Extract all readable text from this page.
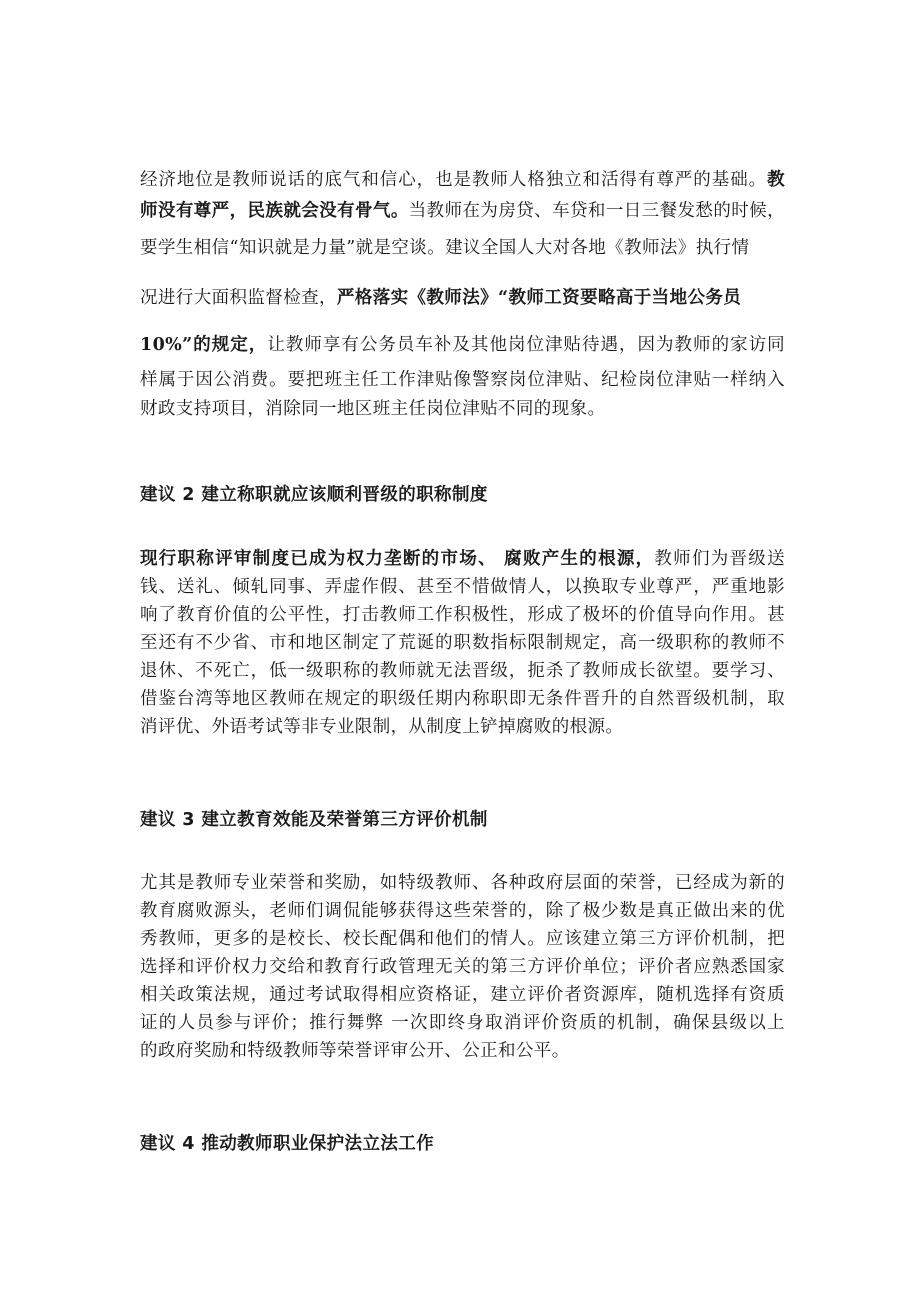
经济地位是教师说话的底气和信心，也是教师人格独立和活得有尊严的基础。教
师没有尊严，民族就会没有骨气。当教师在为房贷、车贷和一日三餐发愁的时候，
要学生相信“知识就是力量”就是空谈。建议全国人大对各地《教师法》执行情
况进行大面积监督检查，严格落实《教师法》“教师工资要略高于当地公务员
10%”的规定，让教师享有公务员车补及其他岗位津贴待遇，因为教师的家访同
样属于因公消费。要把班主任工作津贴像警察岗位津贴、纪检岗位津贴一样纳入
财政支持项目，消除同一地区班主任岗位津贴不同的现象。
建议 2 建立称职就应该顺利晋级的职称制度
现行职称评审制度已成为权力垄断的市场、 腐败产生的根源，教师们为晋级送
钱、送礼、倾轧同事、弄虚作假、甚至不惜做情人，以换取专业尊严，严重地影
响了教育价值的公平性，打击教师工作积极性，形成了极坏的价值导向作用。甚
至还有不少省、市和地区制定了荒诞的职数指标限制规定，高一级职称的教师不
退休、不死亡，低一级职称的教师就无法晋级，扼杀了教师成长欲望。要学习、
借鉴台湾等地区教师在规定的职级任期内称职即无条件晋升的自然晋级机制，取
消评优、外语考试等非专业限制，从制度上铲掉腐败的根源。
建议 3 建立教育效能及荣誉第三方评价机制
尤其是教师专业荣誉和奖励，如特级教师、各种政府层面的荣誉，已经成为新的
教育腐败源头，老师们调侃能够获得这些荣誉的，除了极少数是真正做出来的优
秀教师，更多的是校长、校长配偶和他们的情人。应该建立第三方评价机制，把
选择和评价权力交给和教育行政管理无关的第三方评价单位；评价者应熟悉国家
相关政策法规，通过考试取得相应资格证，建立评价者资源库，随机选择有资质
证的人员参与评价；推行舞弊 一次即终身取消评价资质的机制，确保县级以上
的政府奖励和特级教师等荣誉评审公开、公正和公平。
建议 4 推动教师职业保护法立法工作
